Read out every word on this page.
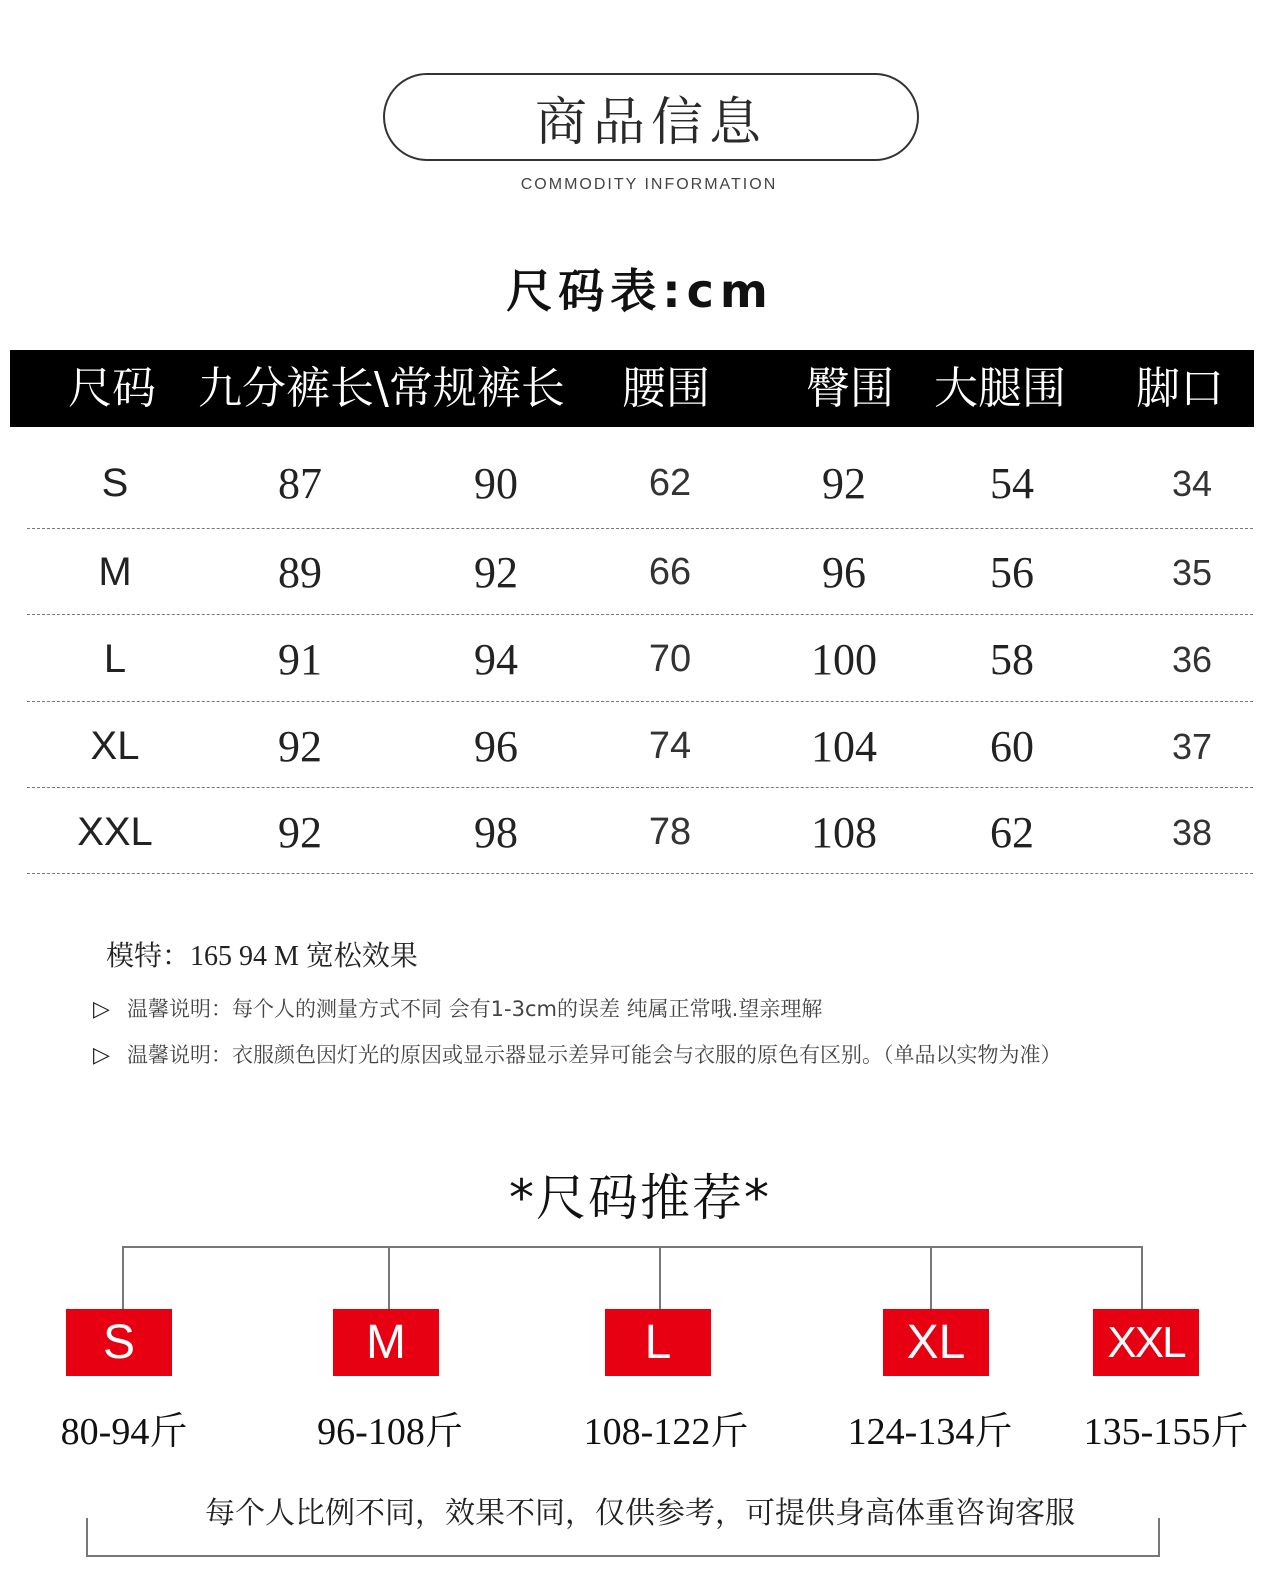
商品信息
COMMODITY INFORMATION
尺码表:cm
尺码 九分裤长 \常规裤长 腰围 臀围 大腿围 脚口
S	87	90	62	92	54	34
M	89	92	66	96	56	35
L	91	94	70	100	58	36
XL	92	96	74	104	60	37
XXL	92	98	78	108	62	38
模特：165 94 M 宽松效果
▷ 温馨说明：每个人的测量方式不同 会有1-3cm的误差 纯属正常哦.望亲理解
▷ 温馨说明：衣服颜色因灯光的原因或显示器显示差异可能会与衣服的原色有区别。（单品以实物为准）
*尺码推荐*
S	M	L	XL	XXL
80-94斤	96-108斤	108-122斤	124-134斤	135-155斤
每个人比例不同，效果不同，仅供参考，可提供身高体重咨询客服
